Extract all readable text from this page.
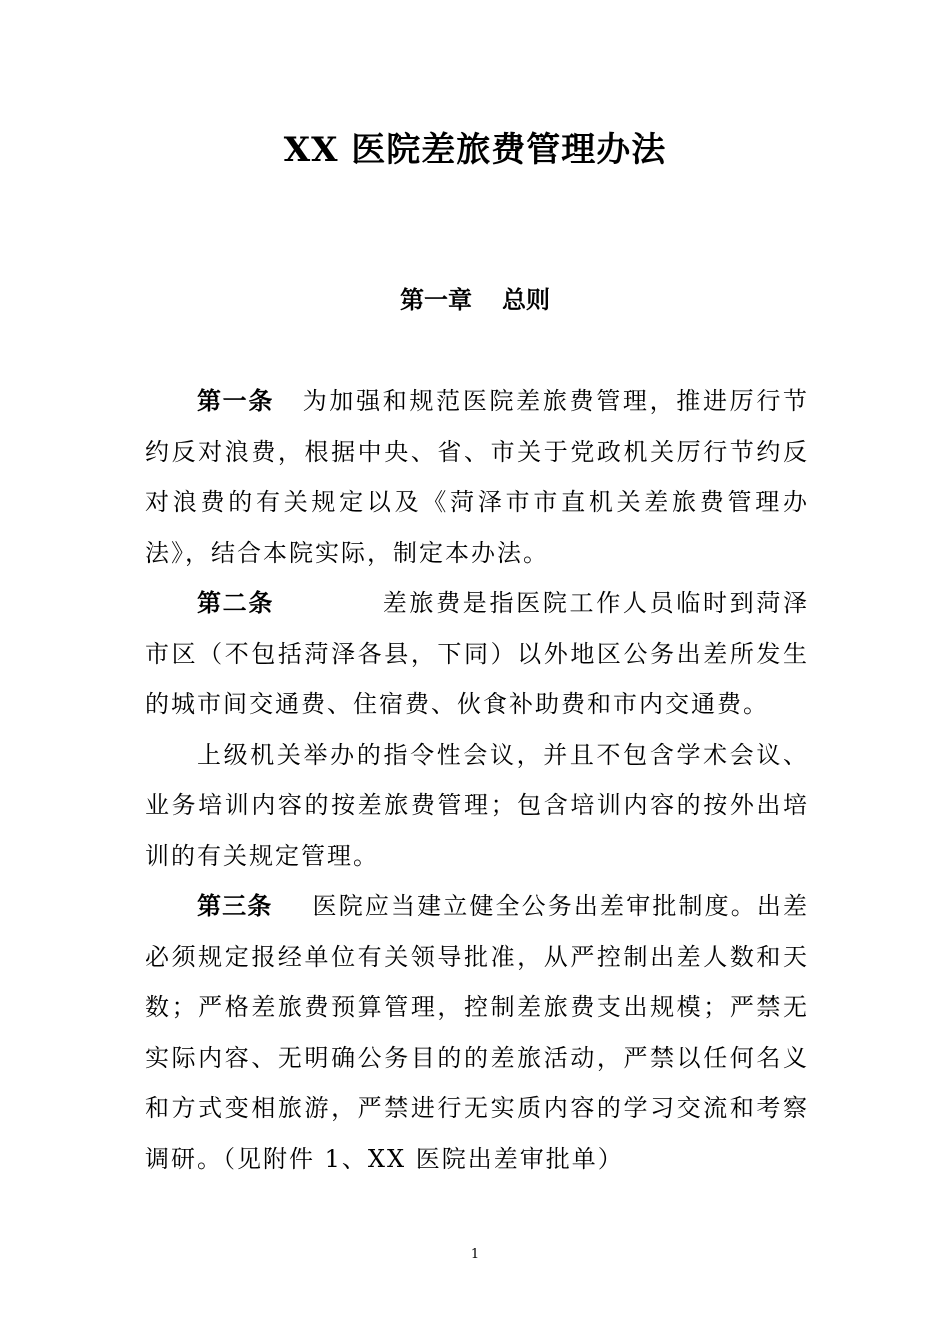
XX 医院差旅费管理办法
第一章 总则

第一条 为加强和规范医院差旅费管理，推进厉行节约反对浪费，根据中央、省、市关于党政机关厉行节约反对浪费的有关规定以及《菏泽市市直机关差旅费管理办法》，结合本院实际，制定本办法。

第二条	差旅费是指医院工作人员临时到菏泽市区（不包括菏泽各县，下同）以外地区公务出差所发生的城市间交通费、住宿费、伙食补助费和市内交通费。

上级机关举办的指令性会议，并且不包含学术会议、业务培训内容的按差旅费管理；包含培训内容的按外出培训的有关规定管理。

第三条 医院应当建立健全公务出差审批制度。出差必须规定报经单位有关领导批准，从严控制出差人数和天数；严格差旅费预算管理，控制差旅费支出规模；严禁无实际内容、无明确公务目的的差旅活动，严禁以任何名义和方式变相旅游，严禁进行无实质内容的学习交流和考察调研。（见附件 1、XX 医院出差审批单）

1
